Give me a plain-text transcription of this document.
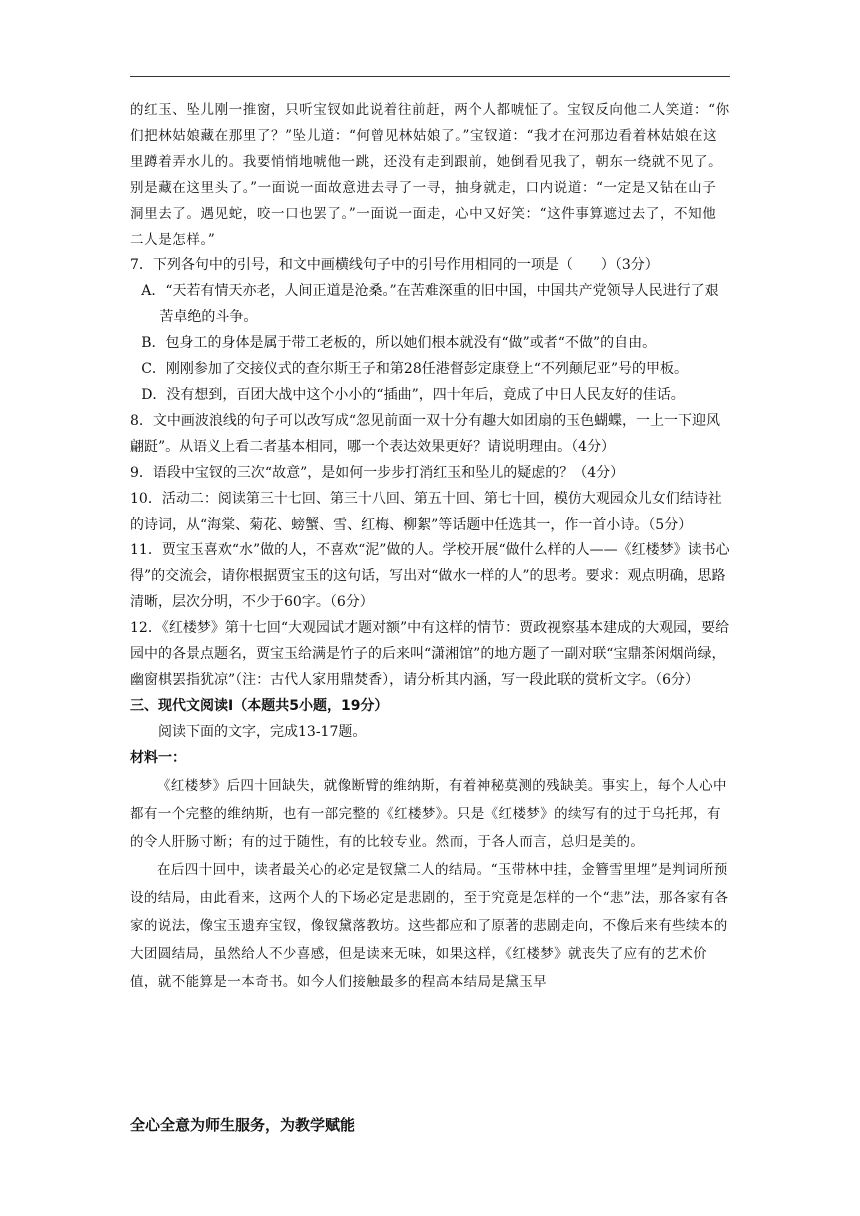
的红玉、坠儿刚一推窗，只听宝钗如此说着往前赶，两个人都唬怔了。宝钗反向他二人笑道：“你们把林姑娘藏在那里了？”坠儿道：“何曾见林姑娘了。”宝钗道：“我才在河那边看着林姑娘在这里蹲着弄水儿的。我要悄悄地唬他一跳，还没有走到跟前，她倒看见我了，朝东一绕就不见了。别是藏在这里头了。”一面说一面故意进去寻了一寻，抽身就走，口内说道：“一定是又钻在山子洞里去了。遇见蛇，咬一口也罢了。”一面说一面走，心中又好笑：“这件事算遮过去了，不知他二人是怎样。”

7．下列各句中的引号，和文中画横线句子中的引号作用相同的一项是（　　）（3分）

A．“天若有情天亦老，人间正道是沧桑。”在苦难深重的旧中国，中国共产党领导人民进行了艰苦卓绝的斗争。

B．包身工的身体是属于带工老板的，所以她们根本就没有“做”或者“不做”的自由。

C．刚刚参加了交接仪式的查尔斯王子和第28任港督彭定康登上“不列颠尼亚”号的甲板。

D．没有想到，百团大战中这个小小的“插曲”，四十年后，竟成了中日人民友好的佳话。

8．文中画波浪线的句子可以改写成“忽见前面一双十分有趣大如团扇的玉色蝴蝶，一上一下迎风翩跹”。从语义上看二者基本相同，哪一个表达效果更好？请说明理由。（4分）

9．语段中宝钗的三次“故意”，是如何一步步打消红玉和坠儿的疑虑的？（4分）

10．活动二：阅读第三十七回、第三十八回、第五十回、第七十回，模仿大观园众儿女们结诗社的诗词，从“海棠、菊花、螃蟹、雪、红梅、柳絮”等话题中任选其一，作一首小诗。（5分）

11．贾宝玉喜欢“水”做的人，不喜欢“泥”做的人。学校开展“做什么样的人——《红楼梦》读书心得”的交流会，请你根据贾宝玉的这句话，写出对“做水一样的人”的思考。要求：观点明确，思路清晰，层次分明，不少于60字。（6分）

12．《红楼梦》第十七回“大观园试才题对额”中有这样的情节：贾政视察基本建成的大观园，要给园中的各景点题名，贾宝玉给满是竹子的后来叫“潇湘馆”的地方题了一副对联“宝鼎茶闲烟尚绿，幽窗棋罢指犹凉”（注：古代人家用鼎焚香），请分析其内涵，写一段此联的赏析文字。（6分）

三、现代文阅读Ⅰ（本题共5小题，19分）

阅读下面的文字，完成13-17题。

材料一：

《红楼梦》后四十回缺失，就像断臂的维纳斯，有着神秘莫测的残缺美。事实上，每个人心中都有一个完整的维纳斯，也有一部完整的《红楼梦》。只是《红楼梦》的续写有的过于乌托邦，有的令人肝肠寸断；有的过于随性，有的比较专业。然而，于各人而言，总归是美的。

在后四十回中，读者最关心的必定是钗黛二人的结局。“玉带林中挂，金簪雪里埋”是判词所预设的结局，由此看来，这两个人的下场必定是悲剧的，至于究竟是怎样的一个“悲”法，那各家有各家的说法，像宝玉遗弃宝钗，像钗黛落教坊。这些都应和了原著的悲剧走向，不像后来有些续本的大团圆结局，虽然给人不少喜感，但是读来无味，如果这样，《红楼梦》就丧失了应有的艺术价值，就不能算是一本奇书。如今人们接触最多的程高本结局是黛玉早

全心全意为师生服务，为教学赋能
